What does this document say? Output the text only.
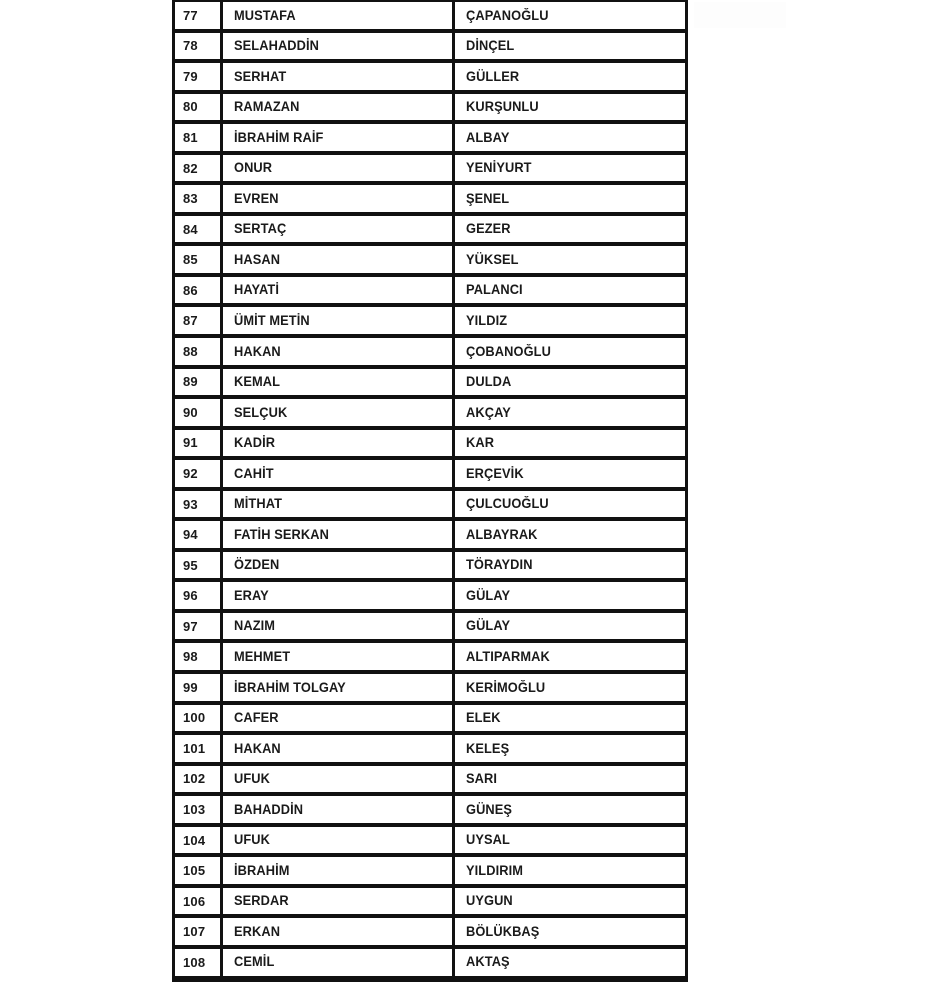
77	MUSTAFA	ÇAPANOĞLU
78	SELAHADDİN	DİNÇEL
79	SERHAT	GÜLLER
80	RAMAZAN	KURŞUNLU
81	İBRAHİM RAİF	ALBAY
82	ONUR	YENİYURT
83	EVREN	ŞENEL
84	SERTAÇ	GEZER
85	HASAN	YÜKSEL
86	HAYATİ	PALANCI
87	ÜMİT METİN	YILDIZ
88	HAKAN	ÇOBANOĞLU
89	KEMAL	DULDA
90	SELÇUK	AKÇAY
91	KADİR	KAR
92	CAHİT	ERÇEVİK
93	MİTHAT	ÇULCUOĞLU
94	FATİH SERKAN	ALBAYRAK
95	ÖZDEN	TÖRAYDIN
96	ERAY	GÜLAY
97	NAZIM	GÜLAY
98	MEHMET	ALTIPARMAK
99	İBRAHİM TOLGAY	KERİMOĞLU
100 CAFER	ELEK
101 HAKAN	KELEŞ
102 UFUK	SARI
103 BAHADDİN	GÜNEŞ
104 UFUK	UYSAL
105 İBRAHİM	YILDIRIM
106 SERDAR	UYGUN
107 ERKAN	BÖLÜKBAŞ
108 CEMİL	AKTAŞ
